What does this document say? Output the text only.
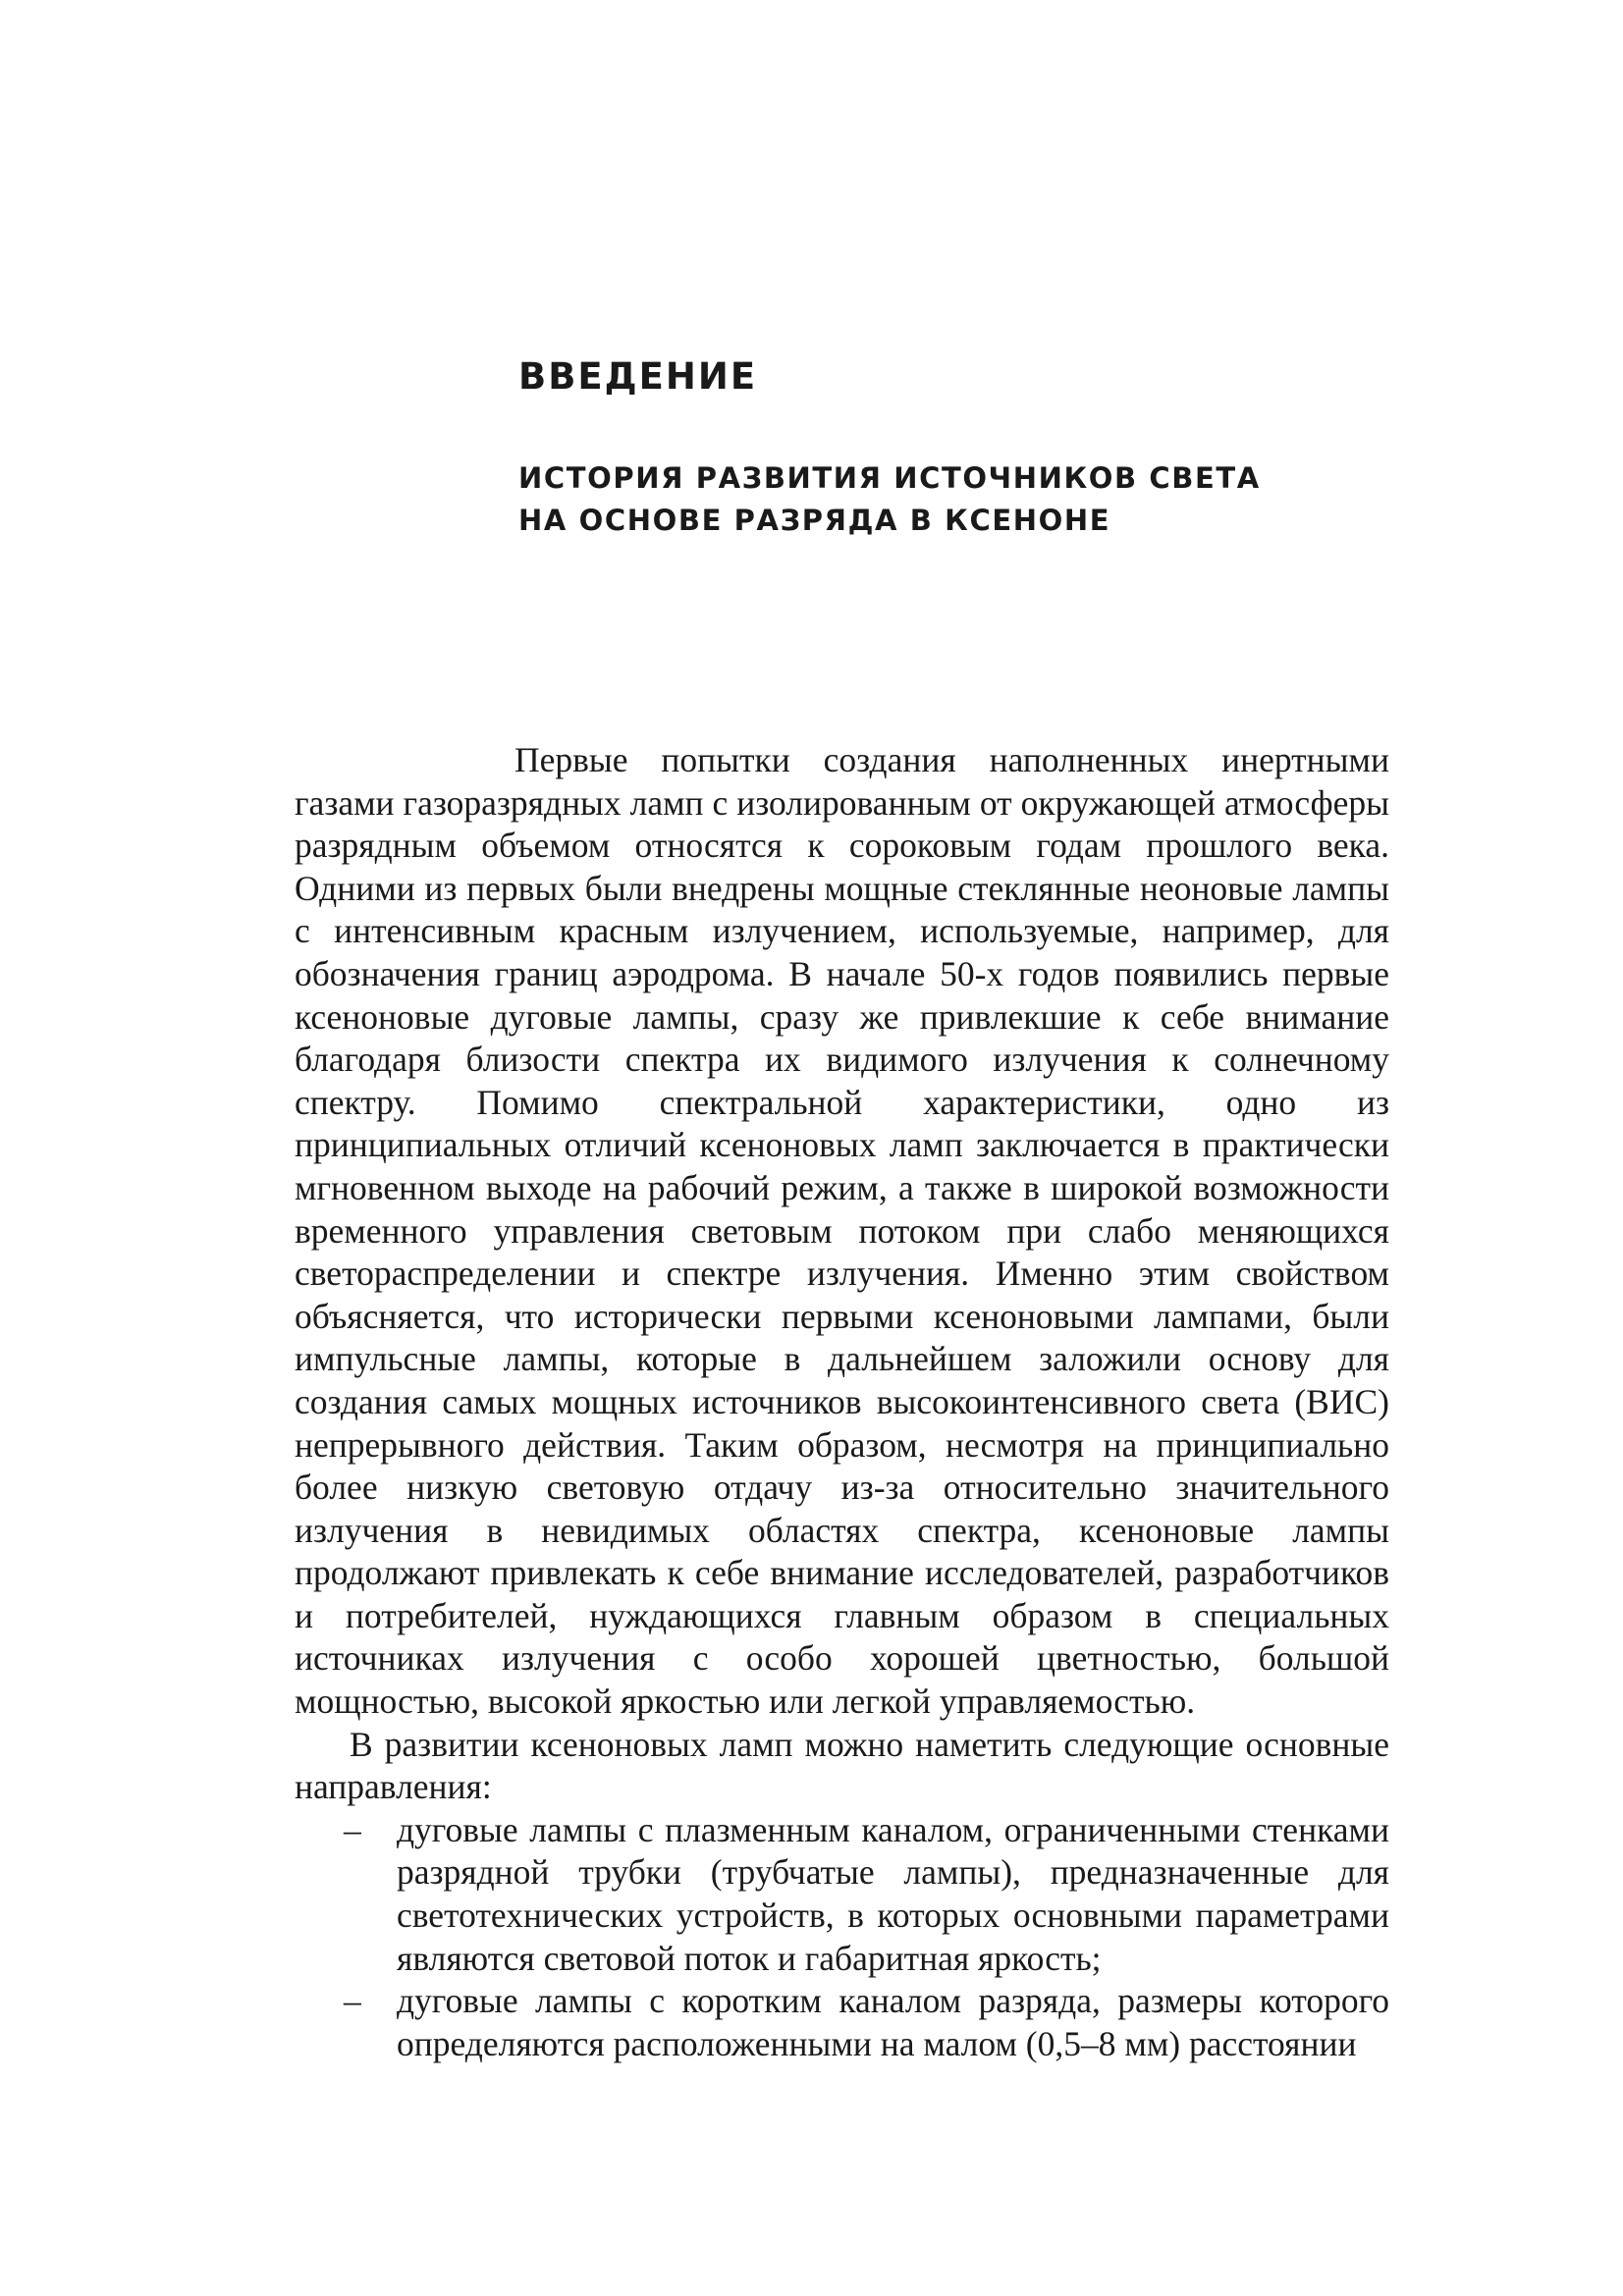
ВВЕДЕНИЕ
ИСТОРИЯ РАЗВИТИЯ ИСТОЧНИКОВ СВЕТА
НА ОСНОВЕ РАЗРЯДА В КСЕНОНЕ

Первые попытки создания наполненных инертными газами газоразрядных ламп с изолированным от окружающей атмосферы разрядным объемом относятся к сороковым годам прошлого века. Одними из первых были внедрены мощные стеклянные неоновые лампы с интенсивным красным излучением, используемые, например, для обозначения границ аэродрома. В начале 50-х годов появились первые ксеноновые дуговые лампы, сразу же привлекшие к себе внимание благодаря близости спектра их видимого излучения к солнечному спектру. Помимо спектральной характеристики, одно из принципиальных отличий ксеноновых ламп заключается в практически мгновенном выходе на рабочий режим, а также в широкой возможности временного управления световым потоком при слабо меняющихся светораспределении и спектре излучения. Именно этим свойством объясняется, что исторически первыми ксеноновыми лампами, были импульсные лампы, которые в дальнейшем заложили основу для создания самых мощных источников высокоинтенсивного света (ВИС) непрерывного действия. Таким образом, несмотря на принципиально более низкую световую отдачу из-за относительно значительного излучения в невидимых областях спектра, ксеноновые лампы продолжают привлекать к себе внимание исследователей, разработчиков и потребителей, нуждающихся главным образом в специальных источниках излучения с особо хорошей цветностью, большой мощностью, высокой яркостью или легкой управляемостью.

В развитии ксеноновых ламп можно наметить следующие основные направления:

– дуговые лампы с плазменным каналом, ограниченными стенками разрядной трубки (трубчатые лампы), предназначенные для светотехнических устройств, в которых основными параметрами являются световой поток и габаритная яркость;
– дуговые лампы с коротким каналом разряда, размеры которого определяются расположенными на малом (0,5–8 мм) расстоянии
